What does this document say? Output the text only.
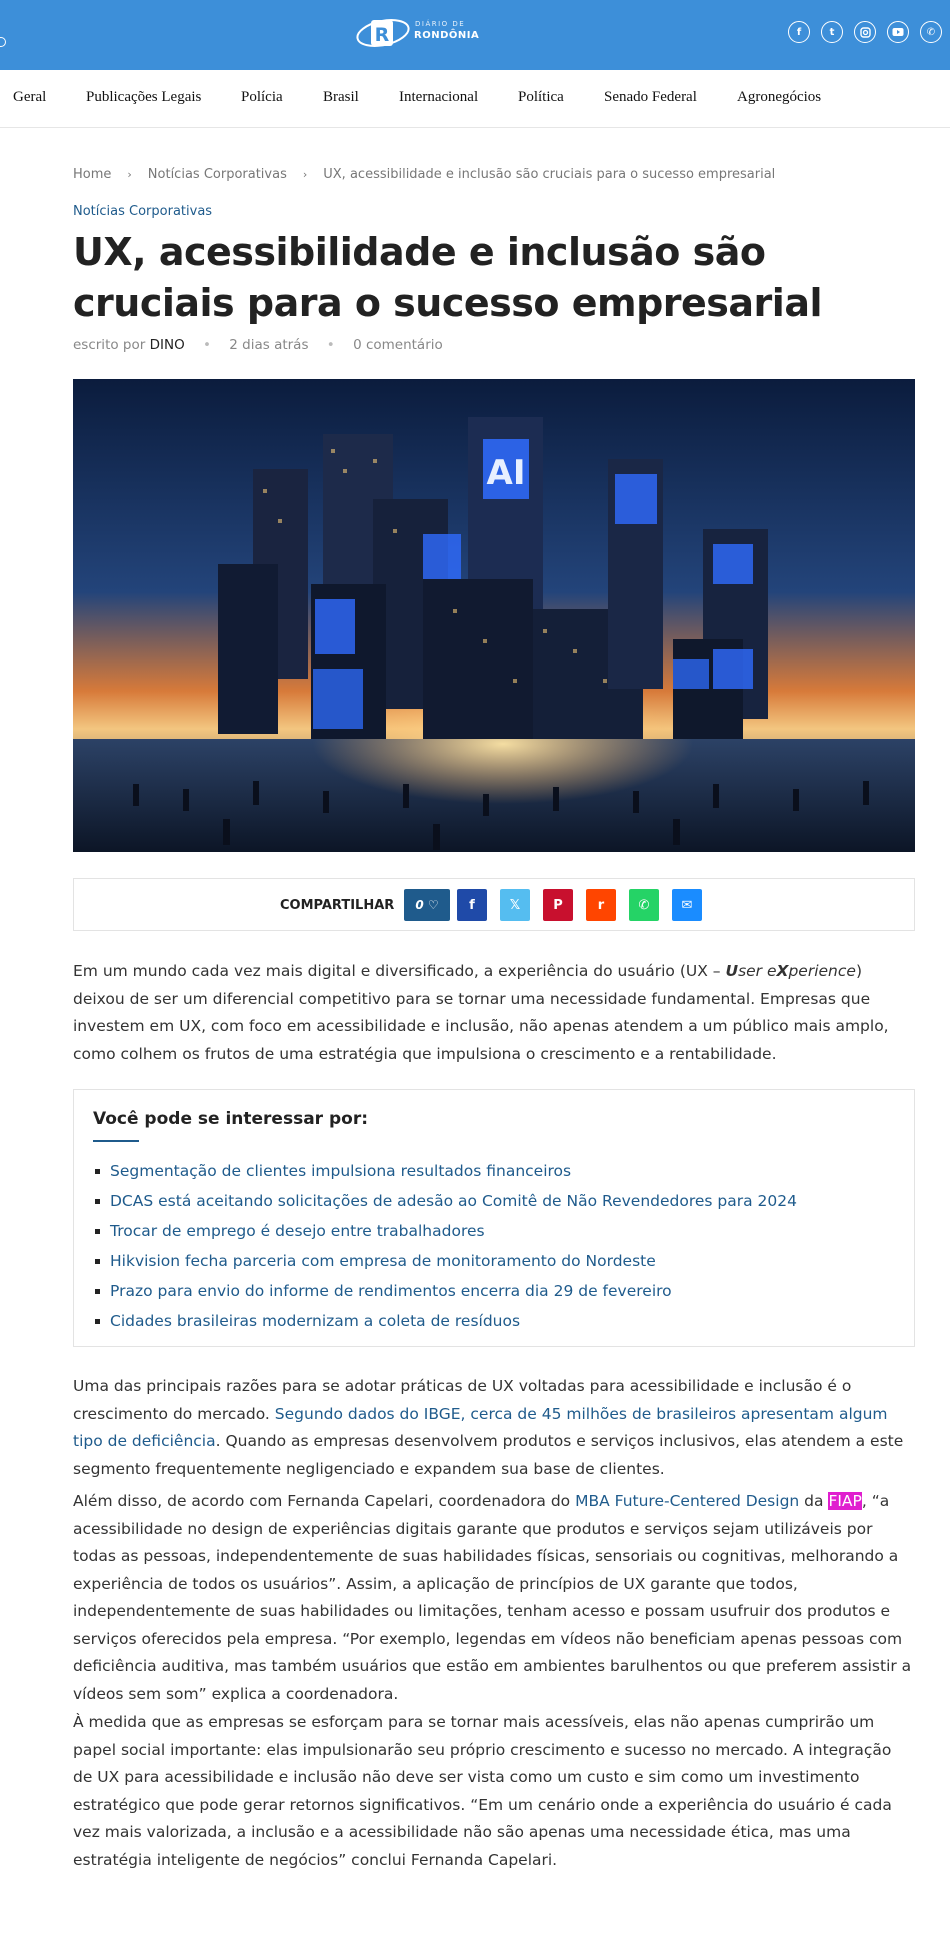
R	DIÁRIO DE
RONDÔNIA	f	t	✆
Geral	Publicações Legais	Polícia	Brasil	Internacional	Política	Senado Federal	Agronegócios
Home › Notícias Corporativas › UX, acessibilidade e inclusão são cruciais para o sucesso empresarial
Notícias Corporativas
UX, acessibilidade e inclusão são cruciais para o sucesso empresarial
escrito por DINO • 2 dias atrás • 0 comentário
AI
COMPARTILHAR 0
♡ f	𝕏	P	r	✆ ✉

Em um mundo cada vez mais digital e diversificado, a experiência do usuário (UX – User eXperience) deixou de ser um diferencial competitivo para se tornar uma necessidade fundamental. Empresas que investem em UX, com foco em acessibilidade e inclusão, não apenas atendem a um público mais amplo, como colhem os frutos de uma estratégia que impulsiona o crescimento e a rentabilidade.

Você pode se interessar por:
Segmentação de clientes impulsiona resultados financeiros
DCAS está aceitando solicitações de adesão ao Comitê de Não Revendedores para 2024
Trocar de emprego é desejo entre trabalhadores
Hikvision fecha parceria com empresa de monitoramento do Nordeste
Prazo para envio do informe de rendimentos encerra dia 29 de fevereiro
Cidades brasileiras modernizam a coleta de resíduos

Uma das principais razões para se adotar práticas de UX voltadas para acessibilidade e inclusão é o crescimento do mercado. Segundo dados do IBGE, cerca de 45 milhões de brasileiros apresentam algum tipo de deficiência. Quando as empresas desenvolvem produtos e serviços inclusivos, elas atendem a este segmento frequentemente negligenciado e expandem sua base de clientes.

Além disso, de acordo com Fernanda Capelari, coordenadora do MBA Future-Centered Design da FIAP, “a acessibilidade no design de experiências digitais garante que produtos e serviços sejam utilizáveis por todas as pessoas, independentemente de suas habilidades físicas, sensoriais ou cognitivas, melhorando a experiência de todos os usuários”. Assim, a aplicação de princípios de UX garante que todos, independentemente de suas habilidades ou limitações, tenham acesso e possam usufruir dos produtos e serviços oferecidos pela empresa. “Por exemplo, legendas em vídeos não beneficiam apenas pessoas com deficiência auditiva, mas também usuários que estão em ambientes barulhentos ou que preferem assistir a vídeos sem som” explica a coordenadora.

À medida que as empresas se esforçam para se tornar mais acessíveis, elas não apenas cumprirão um papel social importante: elas impulsionarão seu próprio crescimento e sucesso no mercado. A integração de UX para acessibilidade e inclusão não deve ser vista como um custo e sim como um investimento estratégico que pode gerar retornos significativos. “Em um cenário onde a experiência do usuário é cada vez mais valorizada, a inclusão e a acessibilidade não são apenas uma necessidade ética, mas uma estratégia inteligente de negócios” conclui Fernanda Capelari.
